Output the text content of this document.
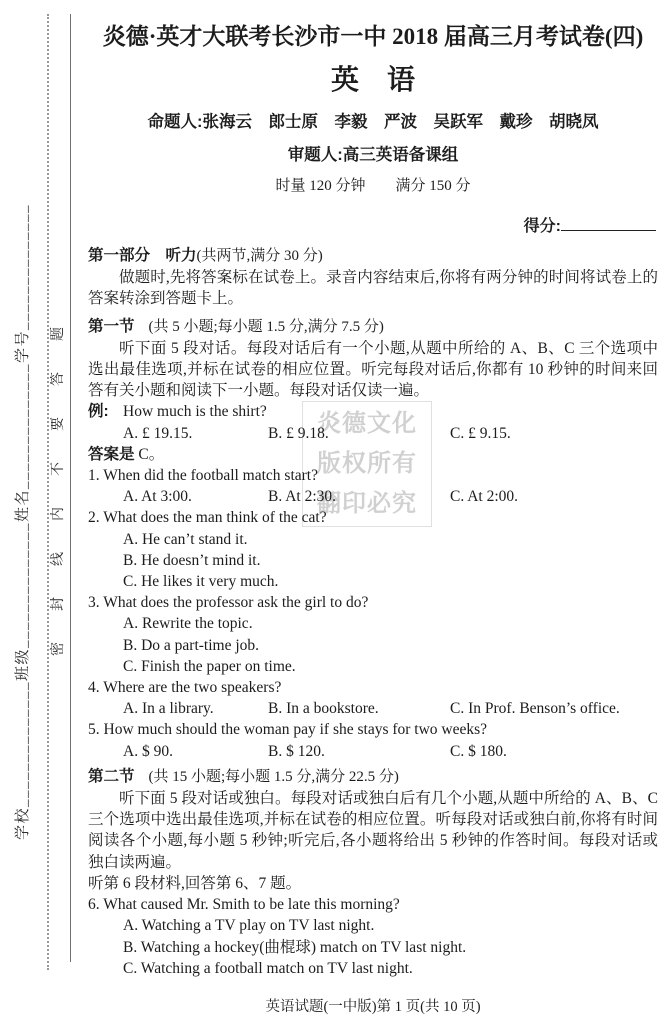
学校______________班级______________姓名______________学号______________ 密封线内不要答题	炎德文化
版权所有
翻印必究
炎德·英才大联考长沙市一中 2018 届高三月考试卷(四)
英　语
命题人:张海云　郎士原　李毅　严波　吴跃军　戴珍　胡晓凤
审题人:高三英语备课组
时量 120 分钟　　满分 150 分
得分:
第一部分　听力(共两节,满分 30 分)

做题时,先将答案标在试卷上。录音内容结束后,你将有两分钟的时间将试卷上的答案转涂到答题卡上。

第一节 (共 5 小题;每小题 1.5 分,满分 7.5 分)

听下面 5 段对话。每段对话后有一个小题,从题中所给的 A、B、C 三个选项中选出最佳选项,并标在试卷的相应位置。听完每段对话后,你都有 10 秒钟的时间来回答有关小题和阅读下一小题。每段对话仅读一遍。

例: How much is the shirt?
A. £ 19.15.	B. £ 9.18.	C. £ 9.15.
答案是 C。
1. When did the football match start?
A. At 3:00.	B. At 2:30.	C. At 2:00.
2. What does the man think of the cat?
A. He can’t stand it.
B. He doesn’t mind it.
C. He likes it very much.
3. What does the professor ask the girl to do?
A. Rewrite the topic.
B. Do a part-time job.
C. Finish the paper on time.
4. Where are the two speakers?
A. In a library.	B. In a bookstore.	C. In Prof. Benson’s office.
5. How much should the woman pay if she stays for two weeks?
A. $ 90.	B. $ 120.	C. $ 180.
第二节 (共 15 小题;每小题 1.5 分,满分 22.5 分)

听下面 5 段对话或独白。每段对话或独白后有几个小题,从题中所给的 A、B、C 三个选项中选出最佳选项,并标在试卷的相应位置。听每段对话或独白前,你将有时间阅读各个小题,每小题 5 秒钟;听完后,各小题将给出 5 秒钟的作答时间。每段对话或独白读两遍。

听第 6 段材料,回答第 6、7 题。
6. What caused Mr. Smith to be late this morning?
A. Watching a TV play on TV last night.
B. Watching a hockey(曲棍球) match on TV last night.
C. Watching a football match on TV last night.
英语试题(一中版)第 1 页(共 10 页)
